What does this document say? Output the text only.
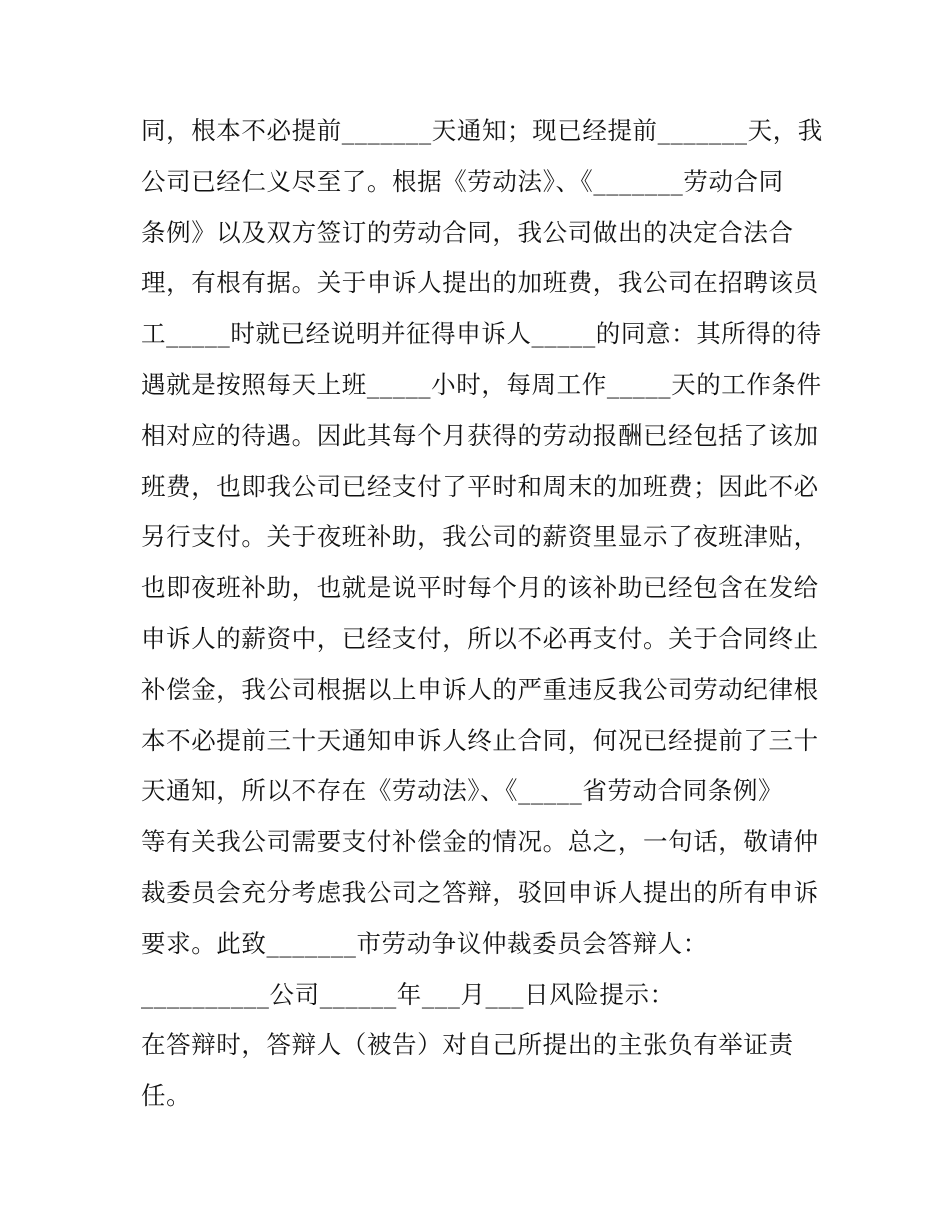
同，根本不必提前_______天通知；现已经提前_______天，我
公司已经仁义尽至了。根据《劳动法》、《_______劳动合同
条例》以及双方签订的劳动合同，我公司做出的决定合法合
理，有根有据。关于申诉人提出的加班费，我公司在招聘该员
工_____时就已经说明并征得申诉人_____的同意：其所得的待
遇就是按照每天上班_____小时，每周工作_____天的工作条件
相对应的待遇。因此其每个月获得的劳动报酬已经包括了该加
班费，也即我公司已经支付了平时和周末的加班费；因此不必
另行支付。关于夜班补助，我公司的薪资里显示了夜班津贴，
也即夜班补助，也就是说平时每个月的该补助已经包含在发给
申诉人的薪资中，已经支付，所以不必再支付。关于合同终止
补偿金，我公司根据以上申诉人的严重违反我公司劳动纪律根
本不必提前三十天通知申诉人终止合同，何况已经提前了三十
天通知，所以不存在《劳动法》、《_____省劳动合同条例》
等有关我公司需要支付补偿金的情况。总之，一句话，敬请仲
裁委员会充分考虑我公司之答辩，驳回申诉人提出的所有申诉
要求。此致_______市劳动争议仲裁委员会答辩人：
__________公司______年___月___日风险提示：
在答辩时，答辩人（被告）对自己所提出的主张负有举证责
任。
